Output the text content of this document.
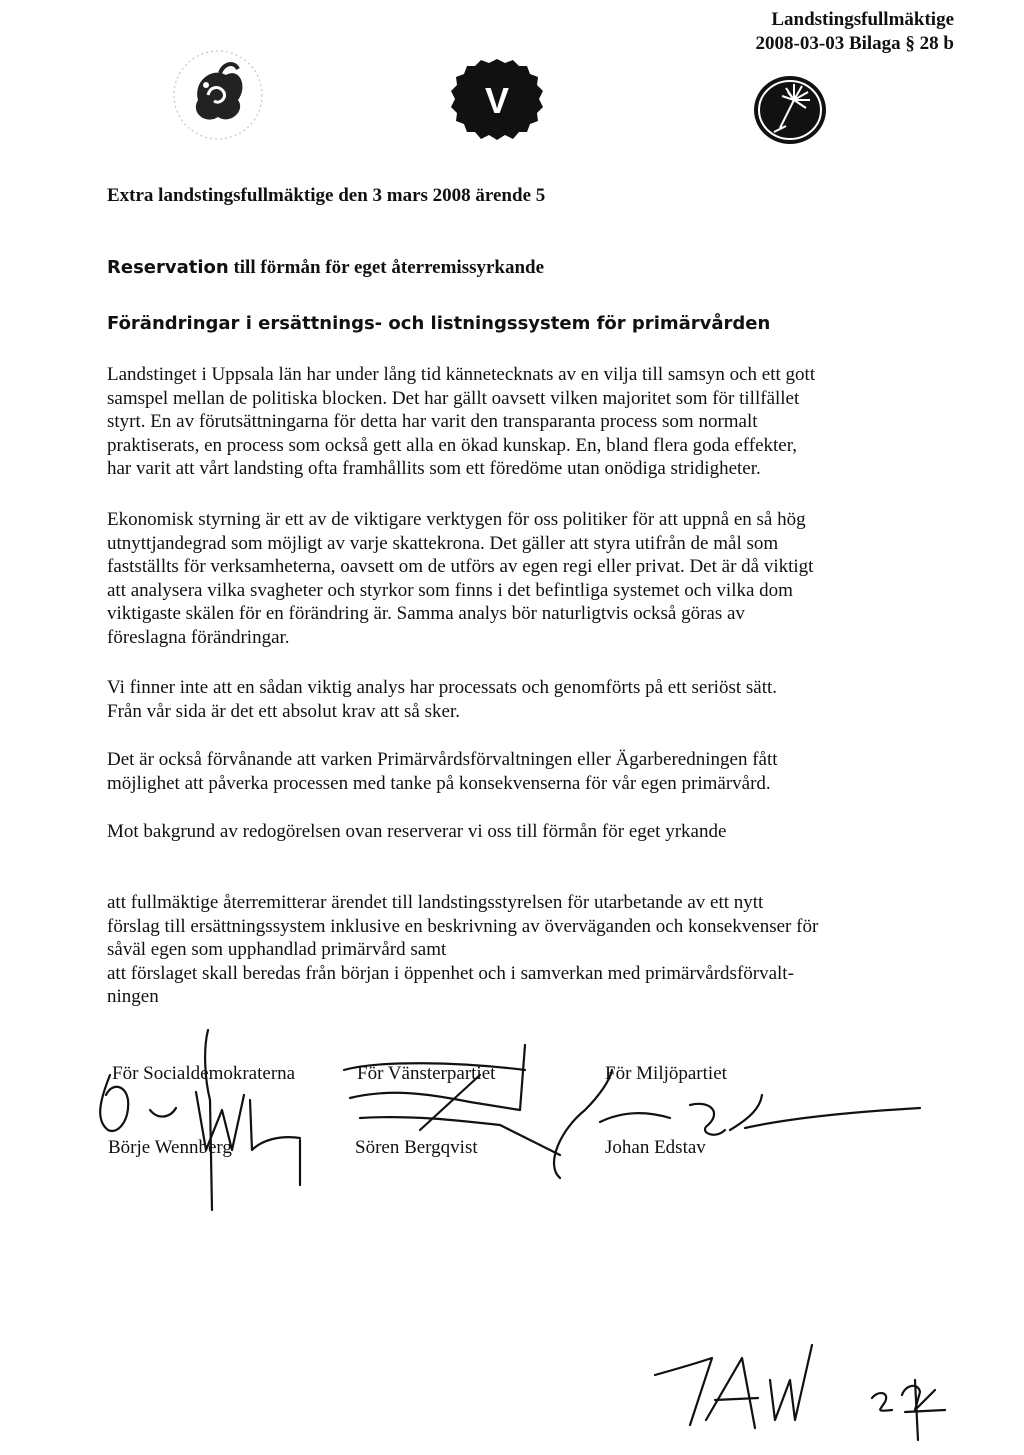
Landstingsfullmäktige
2008-03-03 Bilaga § 28 b
V
Extra landstingsfullmäktige den 3 mars 2008 ärende 5
Reservation till förmån för eget återremissyrkande
Förändringar i ersättnings- och listningssystem för primärvården
Landstinget i Uppsala län har under lång tid kännetecknats av en vilja till samsyn och ett gott
samspel mellan de politiska blocken. Det har gällt oavsett vilken majoritet som för tillfället
styrt. En av förutsättningarna för detta har varit den transparanta process som normalt
praktiserats, en process som också gett alla en ökad kunskap. En, bland flera goda effekter,
har varit att vårt landsting ofta framhållits som ett föredöme utan onödiga stridigheter.
Ekonomisk styrning är ett av de viktigare verktygen för oss politiker för att uppnå en så hög
utnyttjandegrad som möjligt av varje skattekrona. Det gäller att styra utifrån de mål som
fastställts för verksamheterna, oavsett om de utförs av egen regi eller privat. Det är då viktigt
att analysera vilka svagheter och styrkor som finns i det befintliga systemet och vilka dom
viktigaste skälen för en förändring är. Samma analys bör naturligtvis också göras av
föreslagna förändringar.
Vi finner inte att en sådan viktig analys har processats och genomförts på ett seriöst sätt.
Från vår sida är det ett absolut krav att så sker.
Det är också förvånande att varken Primärvårdsförvaltningen eller Ägarberedningen fått
möjlighet att påverka processen med tanke på konsekvenserna för vår egen primärvård.
Mot bakgrund av redogörelsen ovan reserverar vi oss till förmån för eget yrkande
att fullmäktige återremitterar ärendet till landstingsstyrelsen för utarbetande av ett nytt
förslag till ersättningssystem inklusive en beskrivning av överväganden och konsekvenser för
såväl egen som upphandlad primärvård samt
att förslaget skall beredas från början i öppenhet och i samverkan med primärvårdsförvalt-
ningen
För Socialdemokraterna
Börje Wennberg
För Vänsterpartiet
Sören Bergqvist
För Miljöpartiet
Johan Edstav
